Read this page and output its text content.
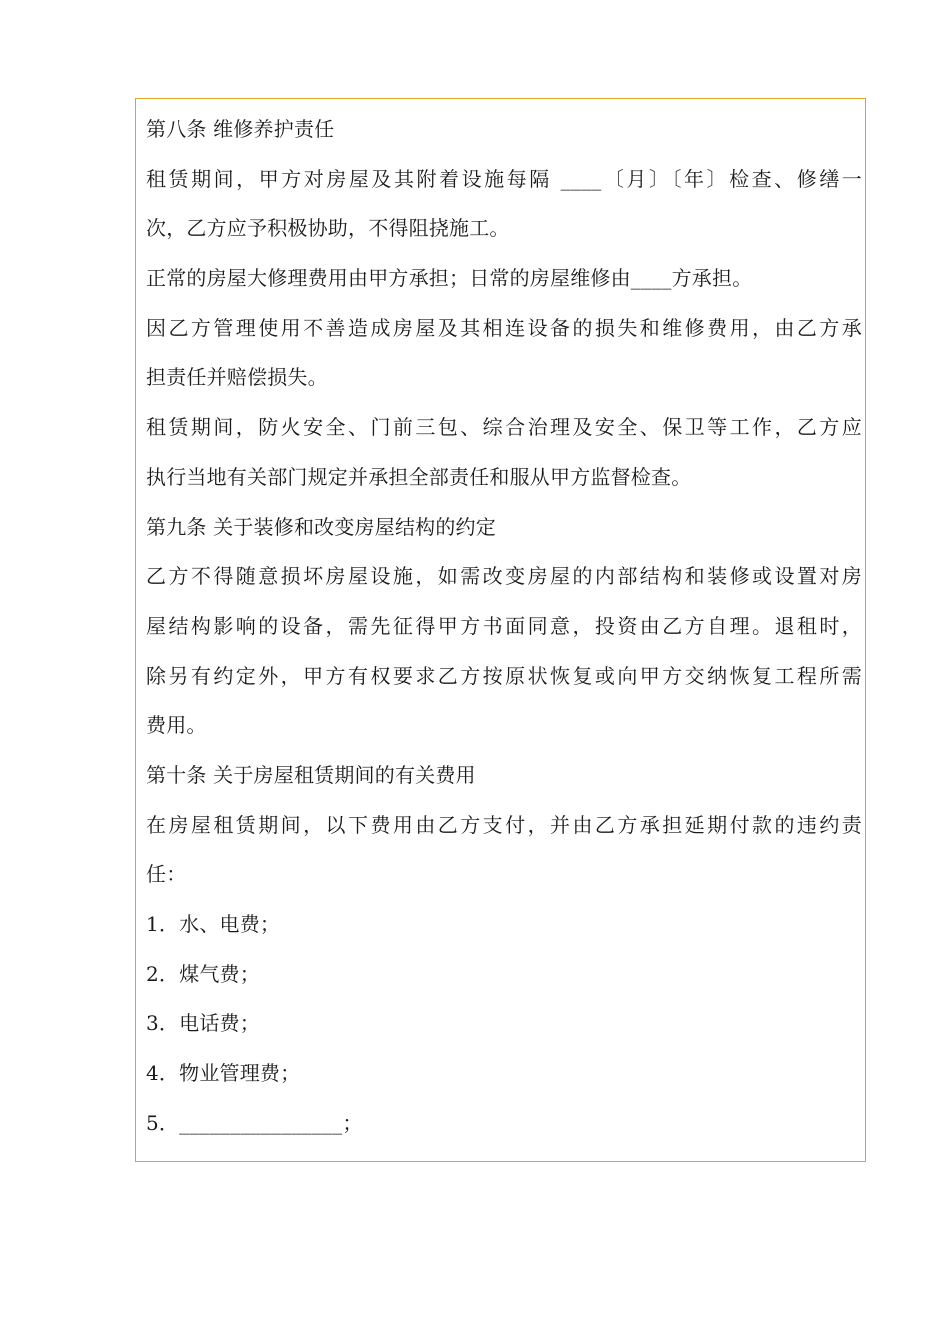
第八条 维修养护责任
租赁期间，甲方对房屋及其附着设施每隔 ____〔月〕〔年〕检查、修缮一
次，乙方应予积极协助，不得阻挠施工。
正常的房屋大修理费用由甲方承担；日常的房屋维修由____方承担。
因乙方管理使用不善造成房屋及其相连设备的损失和维修费用，由乙方承
担责任并赔偿损失。
租赁期间，防火安全、门前三包、综合治理及安全、保卫等工作，乙方应
执行当地有关部门规定并承担全部责任和服从甲方监督检查。
第九条 关于装修和改变房屋结构的约定
乙方不得随意损坏房屋设施，如需改变房屋的内部结构和装修或设置对房
屋结构影响的设备，需先征得甲方书面同意，投资由乙方自理。退租时，
除另有约定外，甲方有权要求乙方按原状恢复或向甲方交纳恢复工程所需
费用。
第十条 关于房屋租赁期间的有关费用
在房屋租赁期间，以下费用由乙方支付，并由乙方承担延期付款的违约责
任：
1．水、电费；
2．煤气费；
3．电话费；
4．物业管理费；
5．________________；
